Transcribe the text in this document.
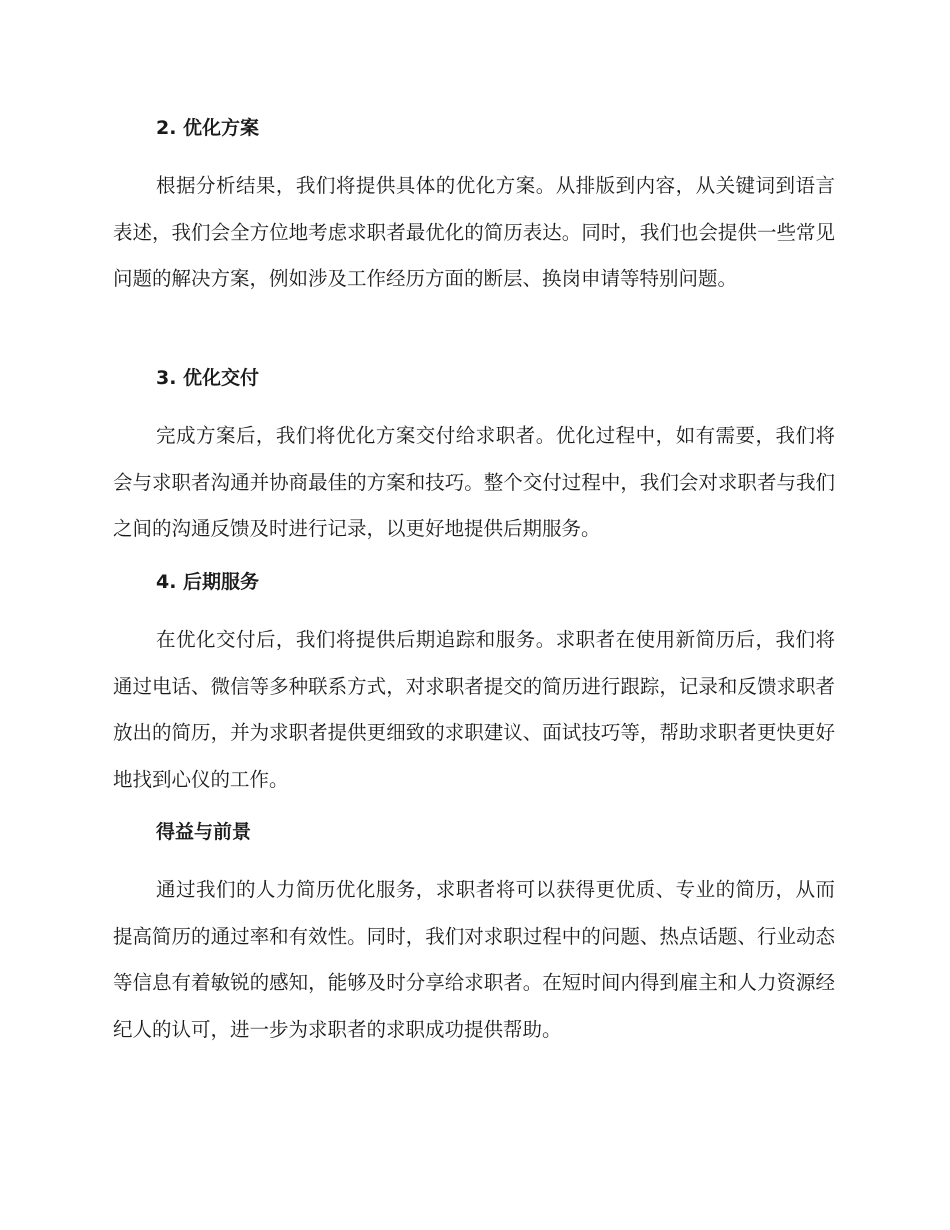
2. 优化方案

根据分析结果，我们将提供具体的优化方案。从排版到内容，从关键词到语言表述，我们会全方位地考虑求职者最优化的简历表达。同时，我们也会提供一些常见问题的解决方案，例如涉及工作经历方面的断层、换岗申请等特别问题。

3. 优化交付

完成方案后，我们将优化方案交付给求职者。优化过程中，如有需要，我们将会与求职者沟通并协商最佳的方案和技巧。整个交付过程中，我们会对求职者与我们之间的沟通反馈及时进行记录，以更好地提供后期服务。

4. 后期服务

在优化交付后，我们将提供后期追踪和服务。求职者在使用新简历后，我们将通过电话、微信等多种联系方式，对求职者提交的简历进行跟踪，记录和反馈求职者放出的简历，并为求职者提供更细致的求职建议、面试技巧等，帮助求职者更快更好地找到心仪的工作。

得益与前景

通过我们的人力简历优化服务，求职者将可以获得更优质、专业的简历，从而提高简历的通过率和有效性。同时，我们对求职过程中的问题、热点话题、行业动态等信息有着敏锐的感知，能够及时分享给求职者。在短时间内得到雇主和人力资源经纪人的认可，进一步为求职者的求职成功提供帮助。
